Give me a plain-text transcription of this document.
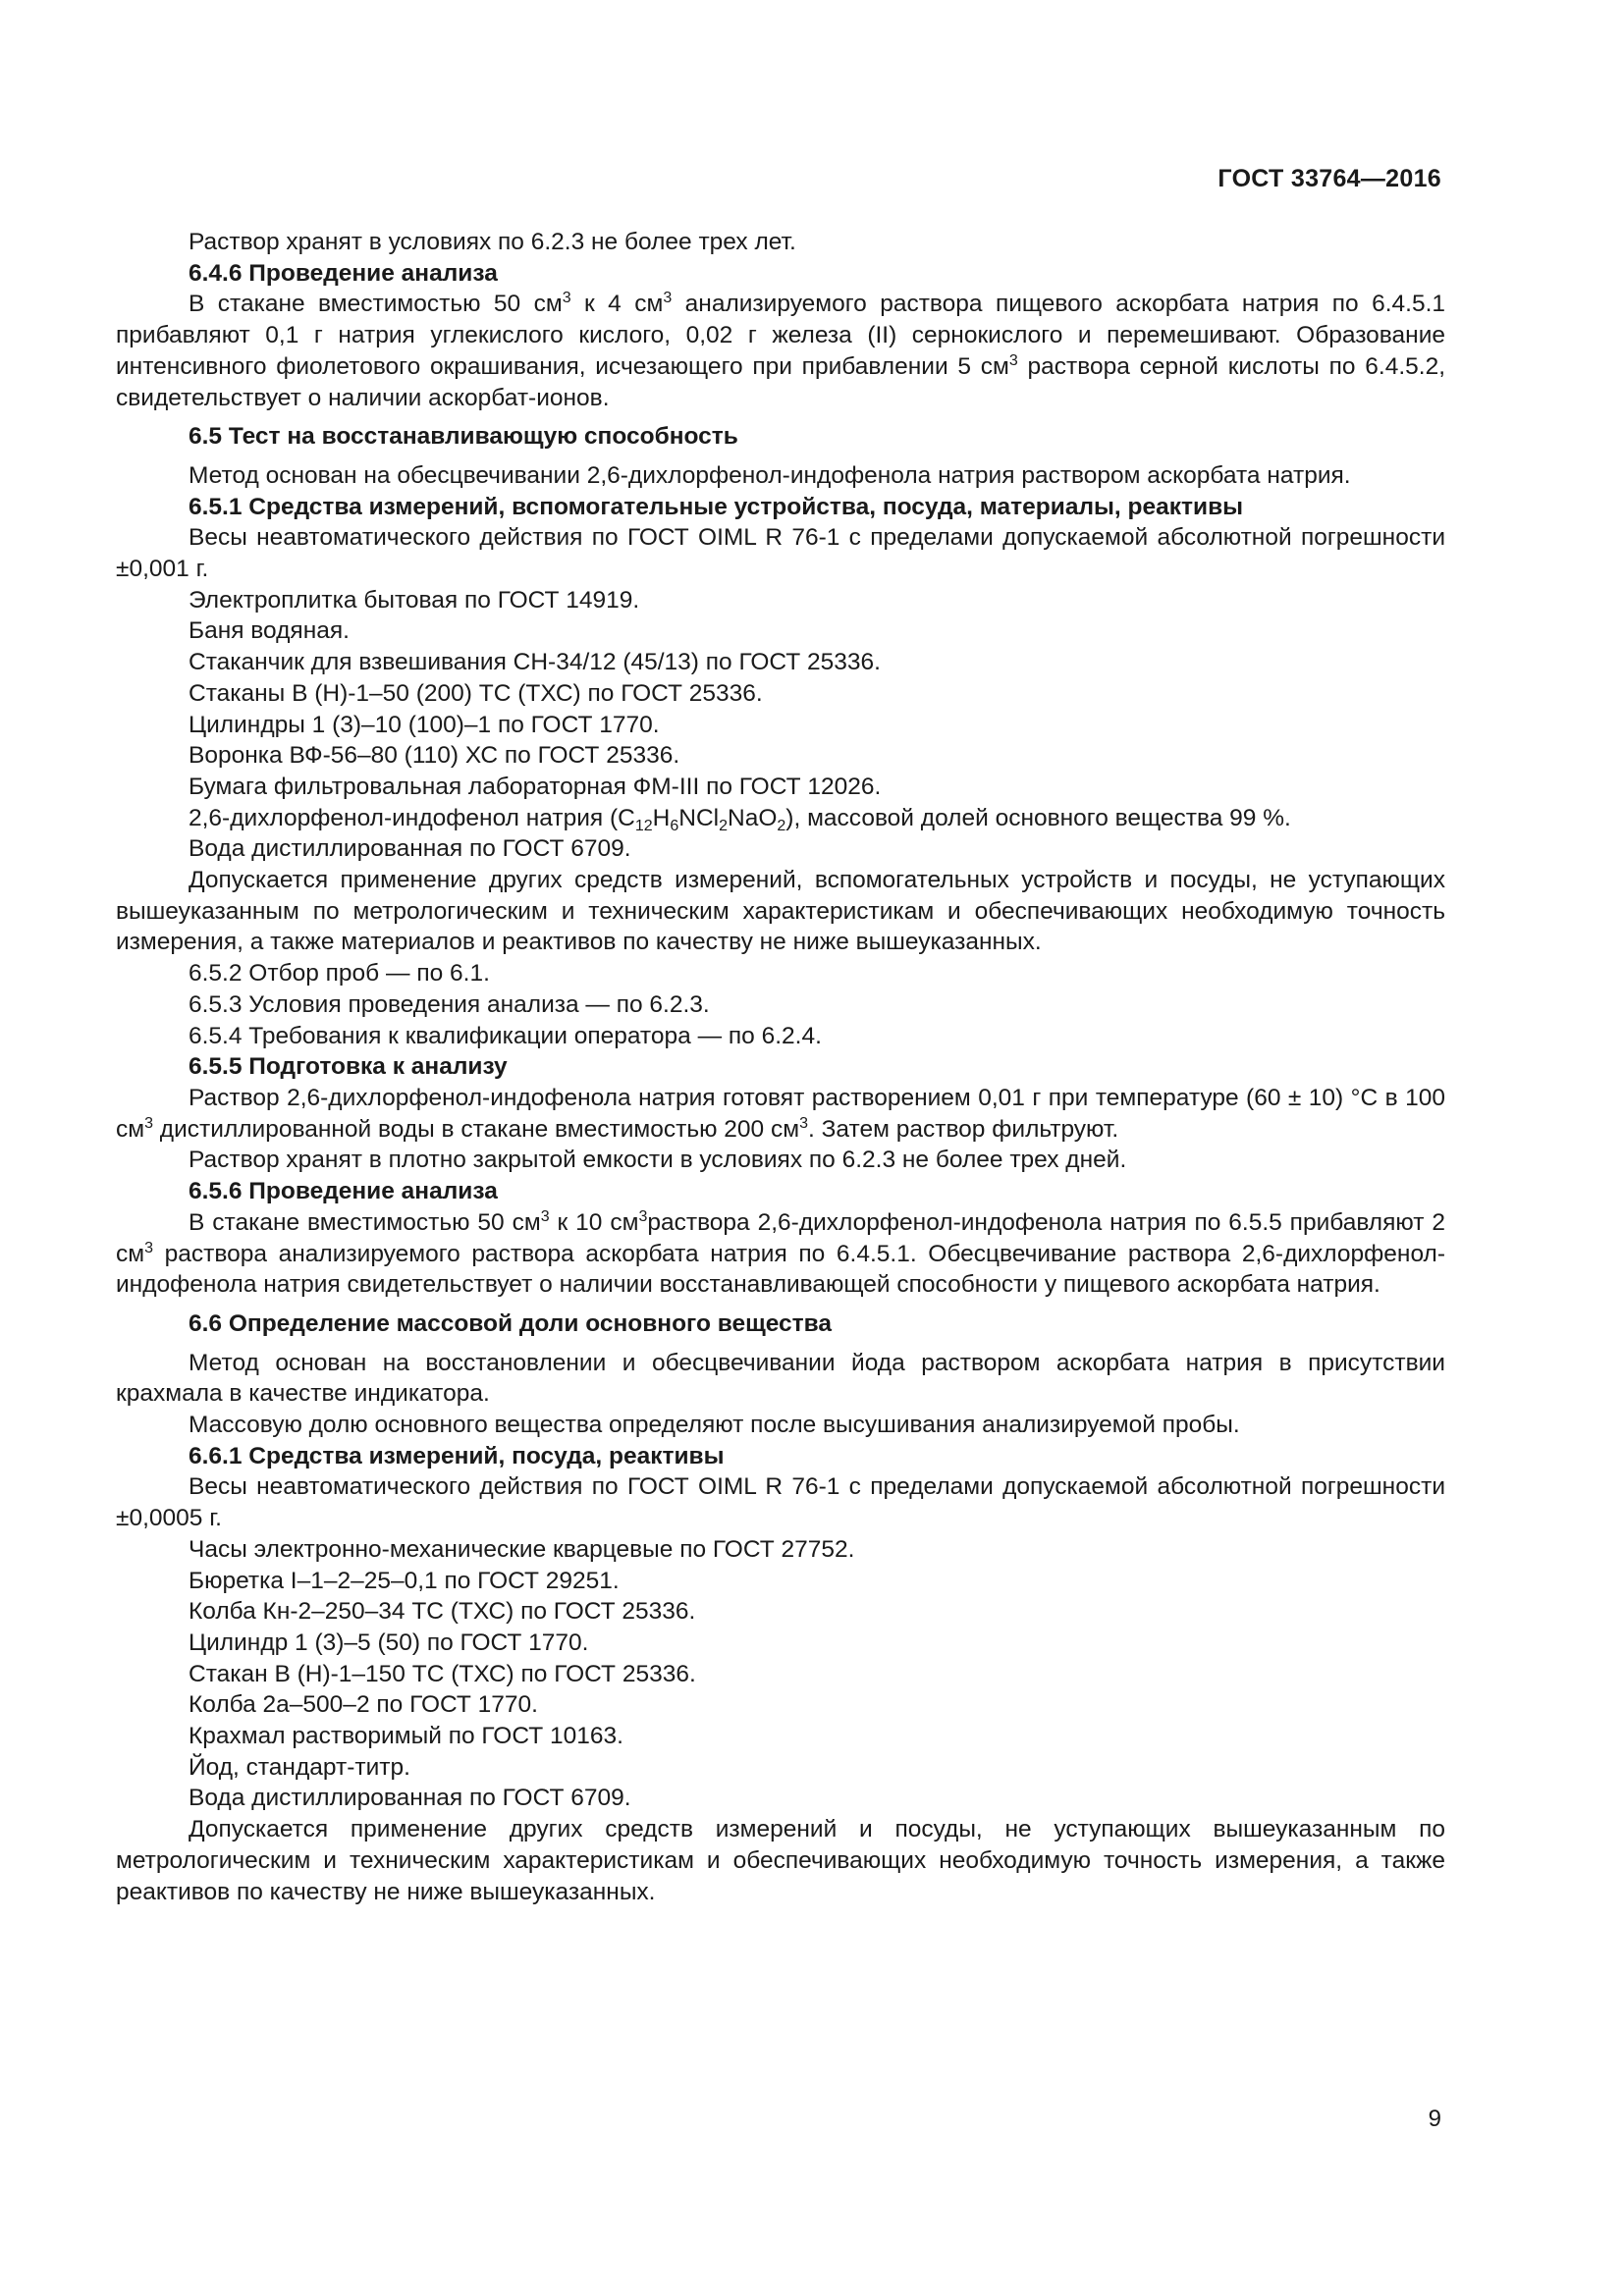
ГОСТ 33764—2016

Раствор хранят в условиях по 6.2.3 не более трех лет.

6.4.6 Проведение анализа

В стакане вместимостью 50 $см^3$ к 4 $см^3$ анализируемого раствора пищевого аскорбата натрия по 6.4.5.1 прибавляют 0,1 г натрия углекислого кислого, 0,02 г железа (II) сернокислого и перемешивают. Образование интенсивного фиолетового окрашивания, исчезающего при прибавлении 5 $см^3$ раствора серной кислоты по 6.4.5.2, свидетельствует о наличии аскорбат-ионов.

6.5 Тест на восстанавливающую способность

Метод основан на обесцвечивании 2,6-дихлорфенол-индофенола натрия раствором аскорбата натрия.

6.5.1 Средства измерений, вспомогательные устройства, посуда, материалы, реактивы

Весы неавтоматического действия по ГОСТ OIML R 76-1 с пределами допускаемой абсолютной погрешности ±0,001 г.

Электроплитка бытовая по ГОСТ 14919.

Баня водяная.

Стаканчик для взвешивания СН-34/12 (45/13) по ГОСТ 25336.

Стаканы В (Н)-1–50 (200) ТС (ТХС) по ГОСТ 25336.

Цилиндры 1 (3)–10 (100)–1 по ГОСТ 1770.

Воронка ВФ-56–80 (110) ХС по ГОСТ 25336.

Бумага фильтровальная лабораторная ФМ-III по ГОСТ 12026.

2,6-дихлорфенол-индофенол натрия $(C_{12}H_6NCl_2NaO_2)$, массовой долей основного вещества 99 %.

Вода дистиллированная по ГОСТ 6709.

Допускается применение других средств измерений, вспомогательных устройств и посуды, не уступающих вышеуказанным по метрологическим и техническим характеристикам и обеспечивающих необходимую точность измерения, а также материалов и реактивов по качеству не ниже вышеуказанных.

6.5.2 Отбор проб — по 6.1.

6.5.3 Условия проведения анализа — по 6.2.3.

6.5.4 Требования к квалификации оператора — по 6.2.4.

6.5.5 Подготовка к анализу

Раствор 2,6-дихлорфенол-индофенола натрия готовят растворением 0,01 г при температуре (60 ± 10) °С в 100 $см^3$ дистиллированной воды в стакане вместимостью 200 $см^3$. Затем раствор фильтруют.

Раствор хранят в плотно закрытой емкости в условиях по 6.2.3 не более трех дней.

6.5.6 Проведение анализа

В стакане вместимостью 50 $см^3$ к 10 $см^3раствора$ 2,6-дихлорфенол-индофенола натрия по 6.5.5 прибавляют 2 $см^3$ раствора анализируемого раствора аскорбата натрия по 6.4.5.1. Обесцвечивание раствора 2,6-дихлорфенол-индофенола натрия свидетельствует о наличии восстанавливающей способности у пищевого аскорбата натрия.

6.6 Определение массовой доли основного вещества

Метод основан на восстановлении и обесцвечивании йода раствором аскорбата натрия в присутствии крахмала в качестве индикатора.

Массовую долю основного вещества определяют после высушивания анализируемой пробы.

6.6.1 Средства измерений, посуда, реактивы

Весы неавтоматического действия по ГОСТ OIML R 76-1 с пределами допускаемой абсолютной погрешности ±0,0005 г.

Часы электронно-механические кварцевые по ГОСТ 27752.

Бюретка I–1–2–25–0,1 по ГОСТ 29251.

Колба Кн-2–250–34 ТС (ТХС) по ГОСТ 25336.

Цилиндр 1 (3)–5 (50) по ГОСТ 1770.

Стакан В (Н)-1–150 ТС (ТХС) по ГОСТ 25336.

Колба 2а–500–2 по ГОСТ 1770.

Крахмал растворимый по ГОСТ 10163.

Йод, стандарт-титр.

Вода дистиллированная по ГОСТ 6709.

Допускается применение других средств измерений и посуды, не уступающих вышеуказанным по метрологическим и техническим характеристикам и обеспечивающих необходимую точность измерения, а также реактивов по качеству не ниже вышеуказанных.

9
